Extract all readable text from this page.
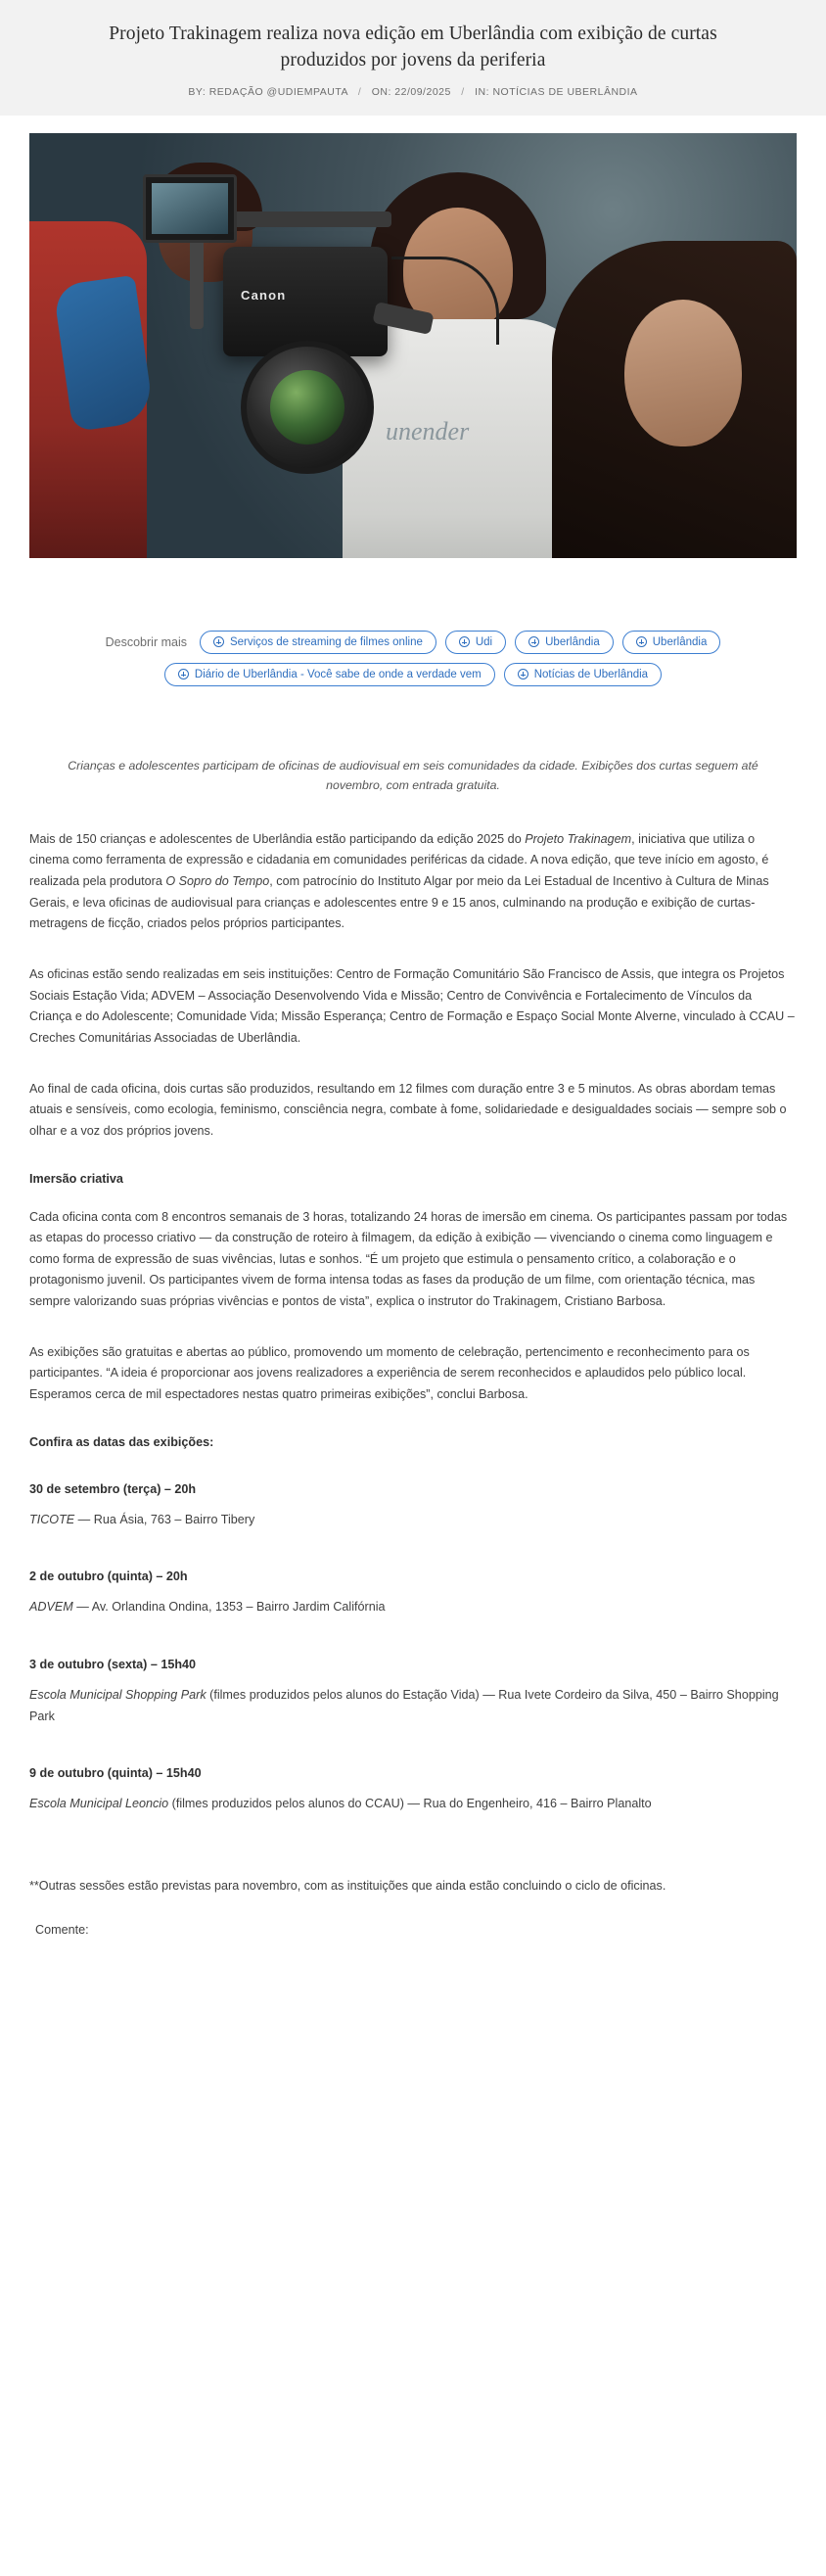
Projeto Trakinagem realiza nova edição em Uberlândia com exibição de curtas produzidos por jovens da periferia
BY: REDAÇÃO @UDIEMPAUTA / ON: 22/09/2025 / IN: NOTÍCIAS DE UBERLÂNDIA
unender
Canon
Descobrir mais	Serviços de streaming de filmes online	Udi	Uberlândia	Uberlândia
Diário de Uberlândia - Você sabe de onde a verdade vem	Notícias de Uberlândia
Crianças e adolescentes participam de oficinas de audiovisual em seis comunidades da cidade. Exibições dos curtas seguem até novembro, com entrada gratuita.

Mais de 150 crianças e adolescentes de Uberlândia estão participando da edição 2025 do Projeto Trakinagem, iniciativa que utiliza o cinema como ferramenta de expressão e cidadania em comunidades periféricas da cidade. A nova edição, que teve início em agosto, é realizada pela produtora O Sopro do Tempo, com patrocínio do Instituto Algar por meio da Lei Estadual de Incentivo à Cultura de Minas Gerais, e leva oficinas de audiovisual para crianças e adolescentes entre 9 e 15 anos, culminando na produção e exibição de curtas-metragens de ficção, criados pelos próprios participantes.

As oficinas estão sendo realizadas em seis instituições: Centro de Formação Comunitário São Francisco de Assis, que integra os Projetos Sociais Estação Vida; ADVEM – Associação Desenvolvendo Vida e Missão; Centro de Convivência e Fortalecimento de Vínculos da Criança e do Adolescente; Comunidade Vida; Missão Esperança; Centro de Formação e Espaço Social Monte Alverne, vinculado à CCAU – Creches Comunitárias Associadas de Uberlândia.

Ao final de cada oficina, dois curtas são produzidos, resultando em 12 filmes com duração entre 3 e 5 minutos. As obras abordam temas atuais e sensíveis, como ecologia, feminismo, consciência negra, combate à fome, solidariedade e desigualdades sociais — sempre sob o olhar e a voz dos próprios jovens.

Imersão criativa

Cada oficina conta com 8 encontros semanais de 3 horas, totalizando 24 horas de imersão em cinema. Os participantes passam por todas as etapas do processo criativo — da construção de roteiro à filmagem, da edição à exibição — vivenciando o cinema como linguagem e como forma de expressão de suas vivências, lutas e sonhos. “É um projeto que estimula o pensamento crítico, a colaboração e o protagonismo juvenil. Os participantes vivem de forma intensa todas as fases da produção de um filme, com orientação técnica, mas sempre valorizando suas próprias vivências e pontos de vista”, explica o instrutor do Trakinagem, Cristiano Barbosa.

As exibições são gratuitas e abertas ao público, promovendo um momento de celebração, pertencimento e reconhecimento para os participantes. “A ideia é proporcionar aos jovens realizadores a experiência de serem reconhecidos e aplaudidos pelo público local. Esperamos cerca de mil espectadores nestas quatro primeiras exibições”, conclui Barbosa.

Confira as datas das exibições:
30 de setembro (terça) – 20h

TICOTE — Rua Ásia, 763 – Bairro Tibery

2 de outubro (quinta) – 20h

ADVEM — Av. Orlandina Ondina, 1353 – Bairro Jardim Califórnia

3 de outubro (sexta) – 15h40

Escola Municipal Shopping Park (filmes produzidos pelos alunos do Estação Vida) — Rua Ivete Cordeiro da Silva, 450 – Bairro Shopping Park

9 de outubro (quinta) – 15h40

Escola Municipal Leoncio (filmes produzidos pelos alunos do CCAU) — Rua do Engenheiro, 416 – Bairro Planalto

**Outras sessões estão previstas para novembro, com as instituições que ainda estão concluindo o ciclo de oficinas.

Comente:
